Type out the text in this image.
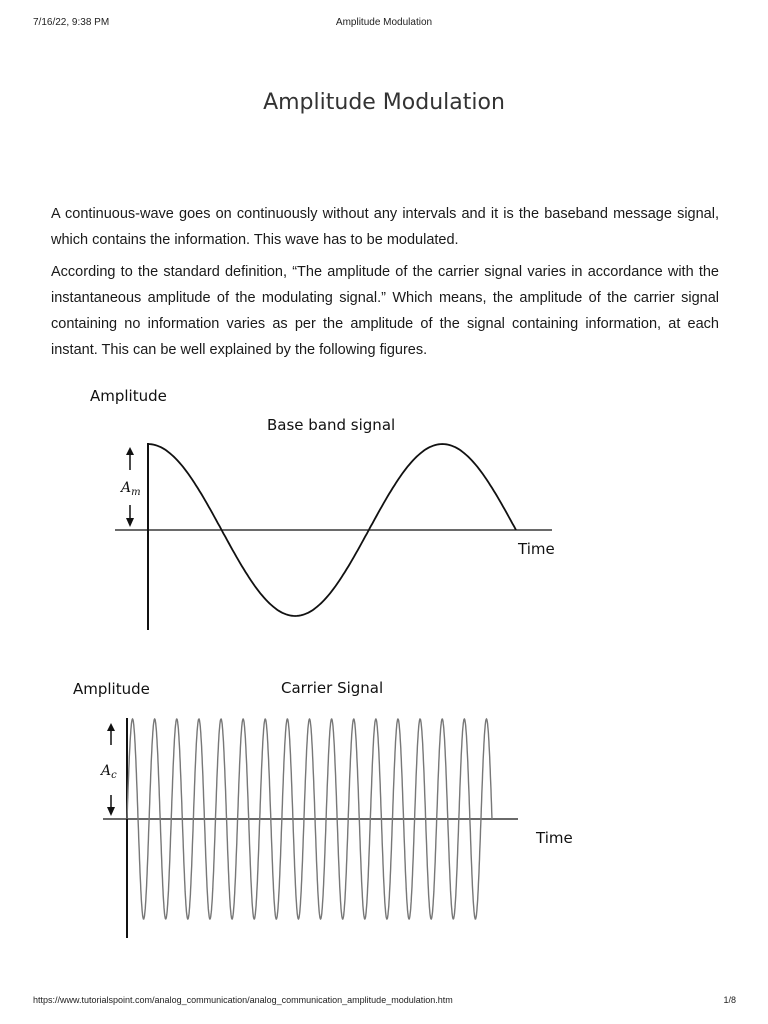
7/16/22, 9:38 PM	Amplitude Modulation
Amplitude Modulation

A continuous-wave goes on continuously without any intervals and it is the baseband message signal, which contains the information. This wave has to be modulated.

According to the standard definition, “The amplitude of the carrier signal varies in accordance with the instantaneous amplitude of the modulating signal.” Which means, the amplitude of the carrier signal containing no information varies as per the amplitude of the signal containing information, at each instant. This can be well explained by the following figures.

Amplitude
Base band signal
$A_m$
Time
Amplitude	Carrier Signal
$A_c$
Time
https://www.tutorialspoint.com/analog_communication/analog_communication_amplitude_modulation.htm	1/8
